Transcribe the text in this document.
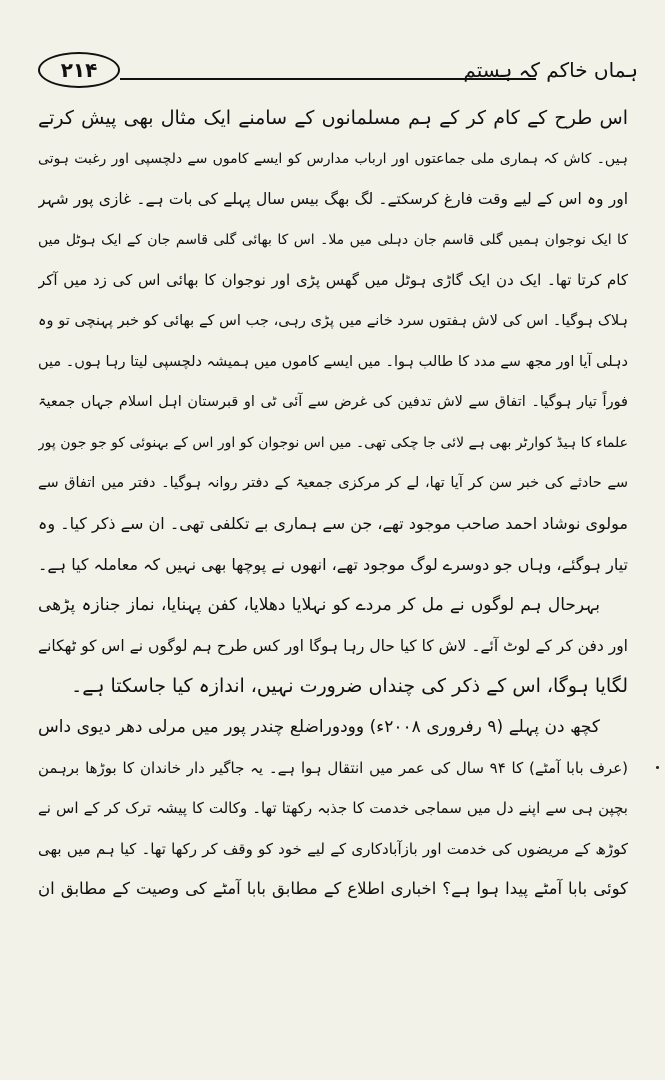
۲۱۴	ہماں خاکم کہ ہستم
اس طرح کے کام کر کے ہم مسلمانوں کے سامنے ایک مثال بھی پیش کرتے
ہیں۔ کاش کہ ہماری ملی جماعتوں اور ارباب مدارس کو ایسے کاموں سے دلچسپی اور رغبت ہوتی
اور وہ اس کے لیے وقت فارغ کرسکتے۔ لگ بھگ بیس سال پہلے کی بات ہے۔ غازی پور شہر
کا ایک نوجوان ہمیں گلی قاسم جان دہلی میں ملا۔ اس کا بھائی گلی قاسم جان کے ایک ہوٹل میں
کام کرتا تھا۔ ایک دن ایک گاڑی ہوٹل میں گھس پڑی اور نوجوان کا بھائی اس کی زد میں آکر
ہلاک ہوگیا۔ اس کی لاش ہفتوں سرد خانے میں پڑی رہی، جب اس کے بھائی کو خبر پہنچی تو وہ
دہلی آیا اور مجھ سے مدد کا طالب ہوا۔ میں ایسے کاموں میں ہمیشہ دلچسپی لیتا رہا ہوں۔ میں
فوراً تیار ہوگیا۔ اتفاق سے لاش تدفین کی غرض سے آئی ٹی او قبرستان اہل اسلام جہاں جمعیۃ
علماء کا ہیڈ کوارٹر بھی ہے لائی جا چکی تھی۔ میں اس نوجوان کو اور اس کے بہنوئی کو جو جون پور
سے حادثے کی خبر سن کر آیا تھا، لے کر مرکزی جمعیۃ کے دفتر روانہ ہوگیا۔ دفتر میں اتفاق سے
مولوی نوشاد احمد صاحب موجود تھے، جن سے ہماری بے تکلفی تھی۔ ان سے ذکر کیا۔ وہ
تیار ہوگئے، وہاں جو دوسرے لوگ موجود تھے، انھوں نے پوچھا بھی نہیں کہ معاملہ کیا ہے۔
بہرحال ہم لوگوں نے مل کر مردے کو نہلایا دھلایا، کفن پہنایا، نماز جنازہ پڑھی
اور دفن کر کے لوٹ آئے۔ لاش کا کیا حال رہا ہوگا اور کس طرح ہم لوگوں نے اس کو ٹھکانے
لگایا ہوگا، اس کے ذکر کی چنداں ضرورت نہیں، اندازہ کیا جاسکتا ہے۔
کچھ دن پہلے (۹ رفروری ۲۰۰۸ء) وودوراضلع چندر پور میں مرلی دھر دیوی داس
(عرف بابا آمٹے) کا ۹۴ سال کی عمر میں انتقال ہوا ہے۔ یہ جاگیر دار خاندان کا بوڑھا برہمن
بچپن ہی سے اپنے دل میں سماجی خدمت کا جذبہ رکھتا تھا۔ وکالت کا پیشہ ترک کر کے اس نے
کوڑھ کے مریضوں کی خدمت اور بازآبادکاری کے لیے خود کو وقف کر رکھا تھا۔ کیا ہم میں بھی
کوئی بابا آمٹے پیدا ہوا ہے؟ اخباری اطلاع کے مطابق بابا آمٹے کی وصیت کے مطابق ان
